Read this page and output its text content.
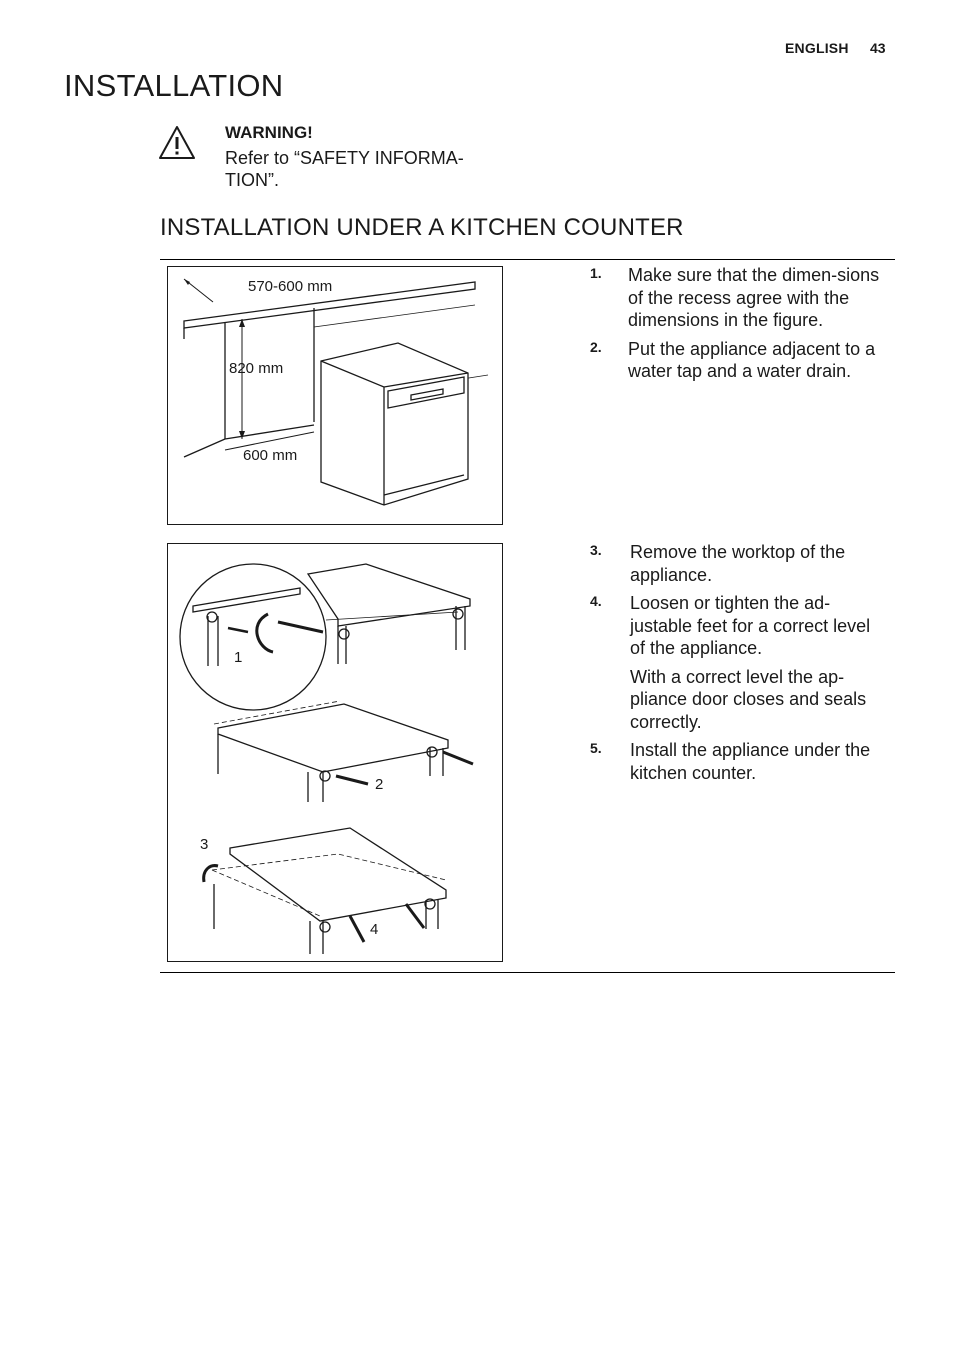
ENGLISH 43
INSTALLATION
WARNING!
Refer to “SAFETY INFORMA-TION”.
INSTALLATION UNDER A KITCHEN COUNTER
570-600 mm
820 mm
600 mm
1
2
3
4
1. Make sure that the dimen-sions of the recess agree with the dimensions in the figure.
2. Put the appliance adjacent to a water tap and a water drain.
3. Remove the worktop of the appliance.
4. Loosen or tighten the ad-justable feet for a correct level of the appliance.
With a correct level the ap-pliance door closes and seals correctly.
5. Install the appliance under the kitchen counter.
